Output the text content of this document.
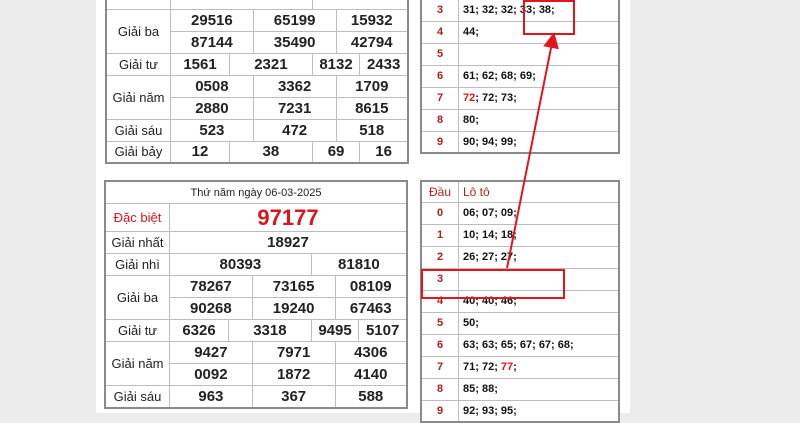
Giải ba	29516		65199		15932	
	87144		35490		42794	
Giải tư	1561	2321		8132		2433
Giải năm	0508		3362		1709	
	2880		7231		8615	
Giải sáu	523		472		518	
Giải bảy	12	38		69		16
3	31; 32; 32; 33; 38;
4	44;
5	
6	61; 62; 68; 69;
7	72; 72; 73;
8	80;
9	90; 94; 99;
Thứ năm ngày 06-03-2025						
Đặc biệt	97177					
Giải nhất	18927					
Giải nhì	80393			81810		
Giải ba	78267		73165		08109	
	90268		19240		67463	
Giải tư	6326	3318		9495		5107
Giải năm	9427		7971		4306	
	0092		1872		4140	
Giải sáu	963		367		588	
Đầu	Lô tô
0	06; 07; 09;
1	10; 14; 18;
2	26; 27; 27;
3	
4	40; 40; 46;
5	50;
6	63; 63; 65; 67; 67; 68;
7	71; 72; 77;
8	85; 88;
9	92; 93; 95;
